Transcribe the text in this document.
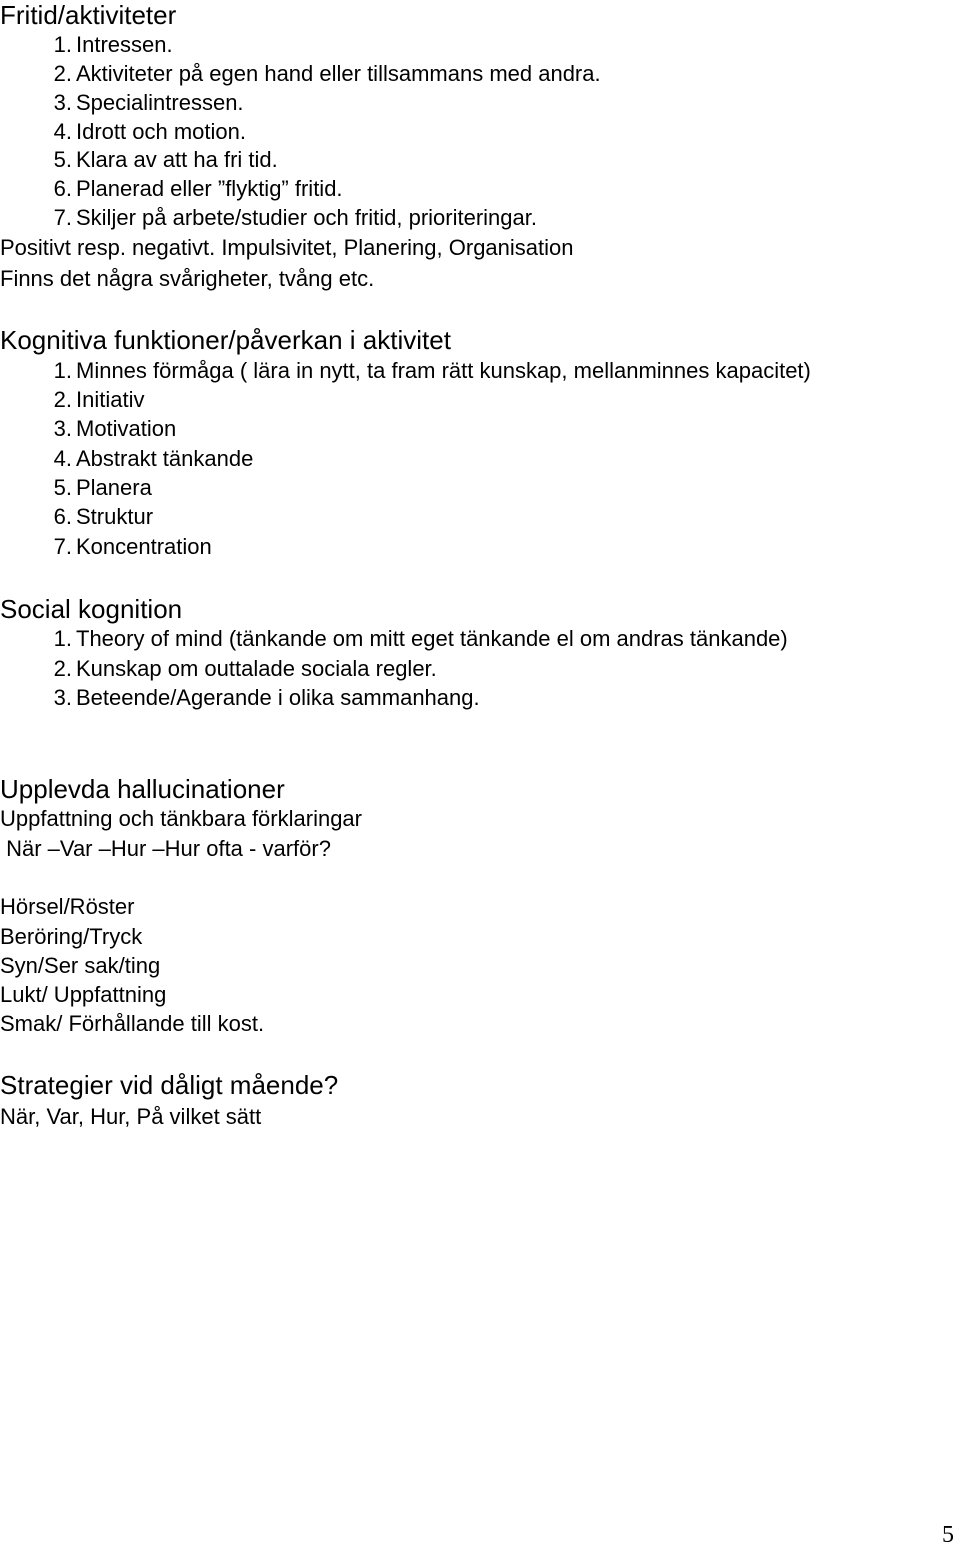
Fritid/aktiviteter
1. Intressen.
2. Aktiviteter på egen hand eller tillsammans med andra.
3. Specialintressen.
4. Idrott och motion.
5. Klara av att ha fri tid.
6. Planerad eller ”flyktig” fritid.
7. Skiljer på arbete/studier och fritid, prioriteringar.
Positivt resp. negativt. Impulsivitet, Planering, Organisation
Finns det några svårigheter, tvång etc.
Kognitiva funktioner/påverkan i aktivitet
1. Minnes förmåga ( lära in nytt, ta fram rätt kunskap, mellanminnes kapacitet)
2. Initiativ
3. Motivation
4. Abstrakt tänkande
5. Planera
6. Struktur
7. Koncentration
Social kognition
1. Theory of mind (tänkande om mitt eget tänkande el om andras tänkande)
2. Kunskap om outtalade sociala regler.
3. Beteende/Agerande i olika sammanhang.
Upplevda hallucinationer
Uppfattning och tänkbara förklaringar
När –Var –Hur –Hur ofta - varför?
Hörsel/Röster
Beröring/Tryck
Syn/Ser sak/ting
Lukt/ Uppfattning
Smak/ Förhållande till kost.
Strategier vid dåligt mående?
När, Var, Hur, På vilket sätt
5
